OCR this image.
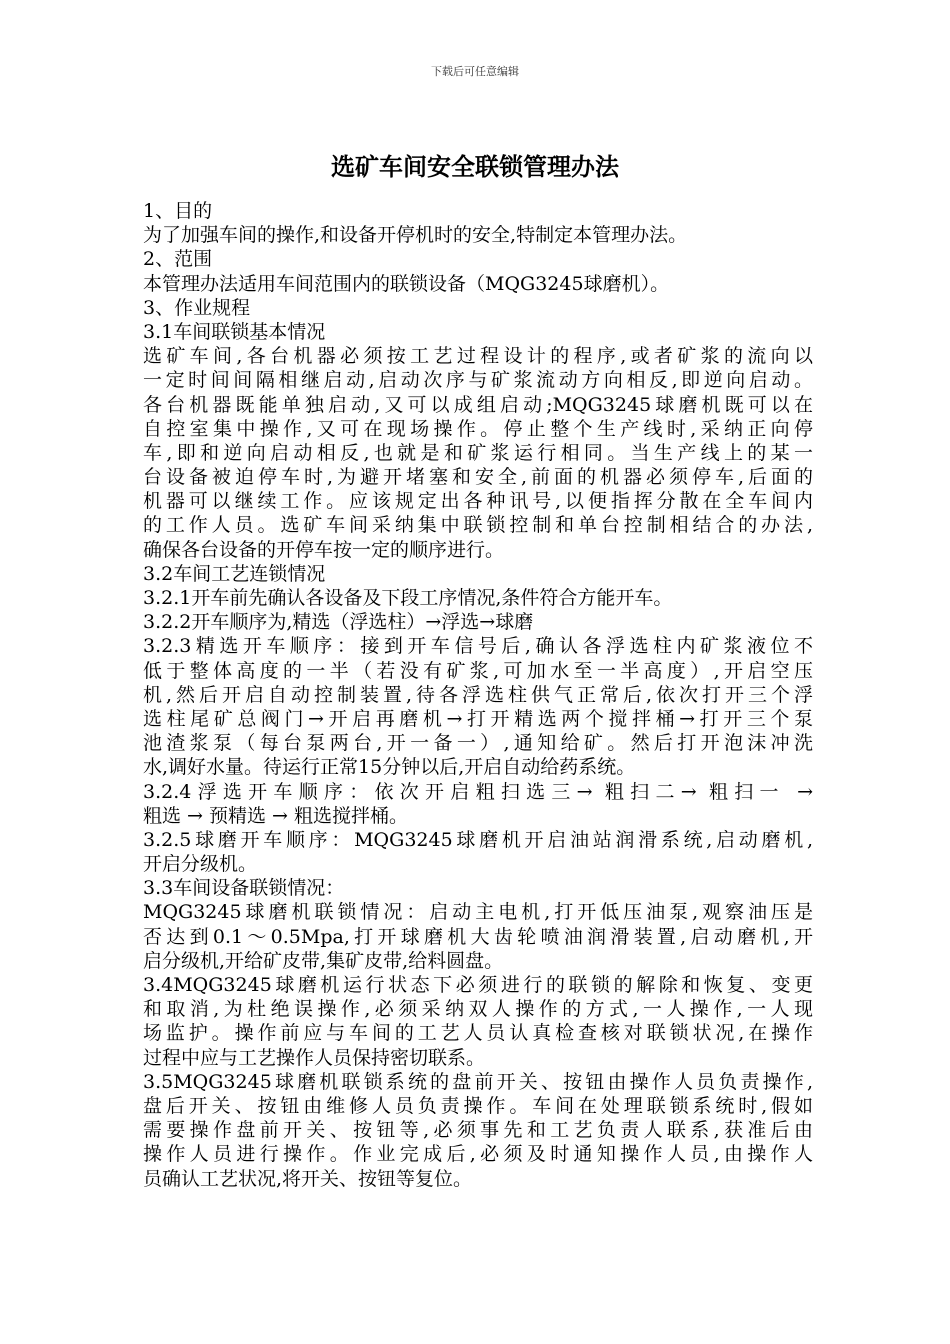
下载后可任意编辑
选矿车间安全联锁管理办法
1、目的
为了加强车间的操作,和设备开停机时的安全,特制定本管理办法。
2、范围
本管理办法适用车间范围内的联锁设备（MQG3245球磨机）。
3、作业规程
3.1车间联锁基本情况
选矿车间,各台机器必须按工艺过程设计的程序,或者矿浆的流向以
一定时间间隔相继启动,启动次序与矿浆流动方向相反,即逆向启动。
各台机器既能单独启动,又可以成组启动;MQG3245球磨机既可以在
自控室集中操作,又可在现场操作。停止整个生产线时,采纳正向停
车,即和逆向启动相反,也就是和矿浆运行相同。当生产线上的某一
台设备被迫停车时,为避开堵塞和安全,前面的机器必须停车,后面的
机器可以继续工作。应该规定出各种讯号,以便指挥分散在全车间内
的工作人员。选矿车间采纳集中联锁控制和单台控制相结合的办法,
确保各台设备的开停车按一定的顺序进行。
3.2车间工艺连锁情况
3.2.1开车前先确认各设备及下段工序情况,条件符合方能开车。
3.2.2开车顺序为,精选（浮选柱）→浮选→球磨
3.2.3精选开车顺序：接到开车信号后,确认各浮选柱内矿浆液位不
低于整体高度的一半（若没有矿浆,可加水至一半高度）,开启空压
机,然后开启自动控制装置,待各浮选柱供气正常后,依次打开三个浮
选柱尾矿总阀门→开启再磨机→打开精选两个搅拌桶→打开三个泵
池渣浆泵（每台泵两台,开一备一）,通知给矿。然后打开泡沫冲洗
水,调好水量。待运行正常15分钟以后,开启自动给药系统。
3.2.4浮选开车顺序：依次开启粗扫选三→ 粗扫二→ 粗扫一 →
粗选 → 预精选 → 粗选搅拌桶。
3.2.5球磨开车顺序：MQG3245球磨机开启油站润滑系统,启动磨机,
开启分级机。
3.3车间设备联锁情况：
MQG3245球磨机联锁情况：启动主电机,打开低压油泵,观察油压是
否达到0.1～0.5Mpa,打开球磨机大齿轮喷油润滑装置,启动磨机,开
启分级机,开给矿皮带,集矿皮带,给料圆盘。
3.4MQG3245球磨机运行状态下必须进行的联锁的解除和恢复、变更
和取消,为杜绝误操作,必须采纳双人操作的方式,一人操作,一人现
场监护。操作前应与车间的工艺人员认真检查核对联锁状况,在操作
过程中应与工艺操作人员保持密切联系。
3.5MQG3245球磨机联锁系统的盘前开关、按钮由操作人员负责操作,
盘后开关、按钮由维修人员负责操作。车间在处理联锁系统时,假如
需要操作盘前开关、按钮等,必须事先和工艺负责人联系,获准后由
操作人员进行操作。作业完成后,必须及时通知操作人员,由操作人
员确认工艺状况,将开关、按钮等复位。
